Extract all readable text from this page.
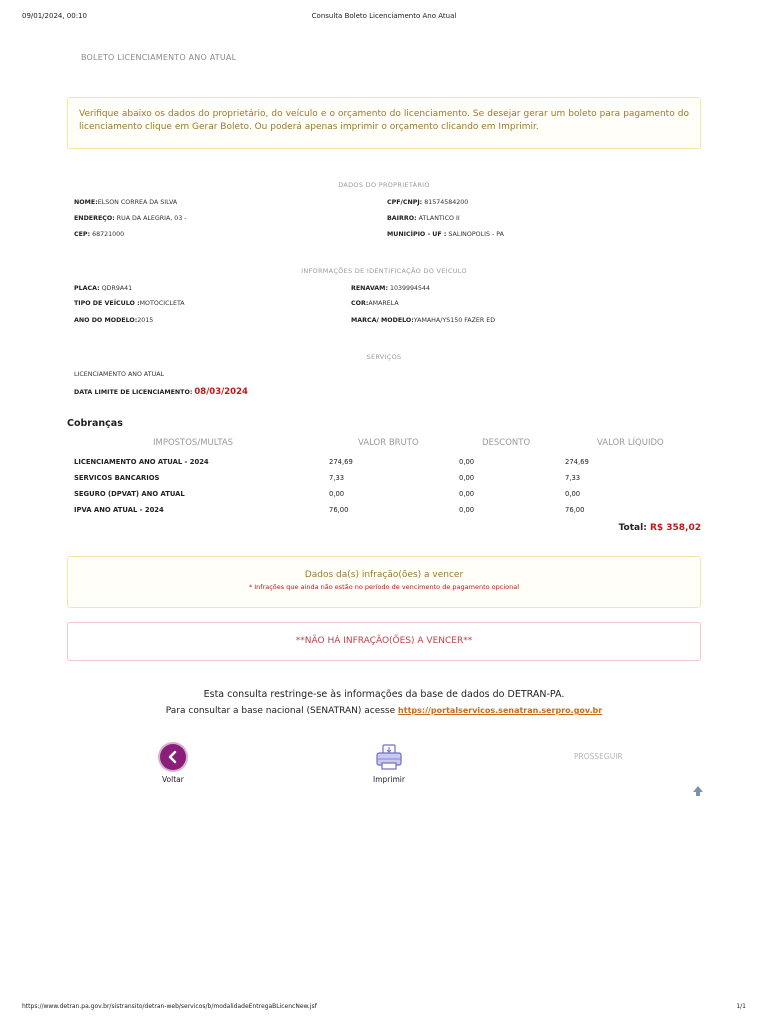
09/01/2024, 00:10	Consulta Boleto Licenciamento Ano Atual
https://www.detran.pa.gov.br/sistransito/detran-web/servicos/b/modalidadeEntregaBLicencNew.jsf	1/1
BOLETO LICENCIAMENTO ANO ATUAL
Verifique abaixo os dados do proprietário, do veículo e o orçamento do licenciamento. Se desejar gerar um boleto para pagamento do licenciamento clique em Gerar Boleto. Ou poderá apenas imprimir o orçamento clicando em Imprimir.
DADOS DO PROPRIETÁRIO
NOME:ELSON CORREA DA SILVA	CPF/CNPJ: 81574584200
ENDEREÇO: RUA DA ALEGRIA, 03 -	BAIRRO: ATLANTICO II
CEP: 68721000	MUNICÍPIO - UF : SALINOPOLIS - PA
INFORMAÇÕES DE IDENTIFICAÇÃO DO VEÍCULO
PLACA: QDR9A41	RENAVAM: 1039994544
TIPO DE VEÍCULO :MOTOCICLETA	COR:AMARELA
ANO DO MODELO:2015	MARCA/ MODELO:YAMAHA/YS150 FAZER ED
SERVIÇOS
LICENCIAMENTO ANO ATUAL
DATA LIMITE DE LICENCIAMENTO: 08/03/2024
Cobranças
IMPOSTOS/MULTAS	VALOR BRUTO	DESCONTO	VALOR LÍQUIDO
LICENCIAMENTO ANO ATUAL - 2024	274,69	0,00	274,69
SERVICOS BANCARIOS	7,33	0,00	7,33
SEGURO (DPVAT) ANO ATUAL	0,00	0,00	0,00
IPVA ANO ATUAL - 2024	76,00	0,00	76,00
Total: R$ 358,02
Dados da(s) infração(ões) a vencer
* Infrações que ainda não estão no período de vencimento de pagamento opcional
**NÃO HÁ INFRAÇÃO(ÕES) A VENCER**
Esta consulta restringe-se às informações da base de dados do DETRAN-PA.
Para consultar a base nacional (SENATRAN) acesse https://portalservicos.senatran.serpro.gov.br
Voltar	Imprimir
PROSSEGUIR
